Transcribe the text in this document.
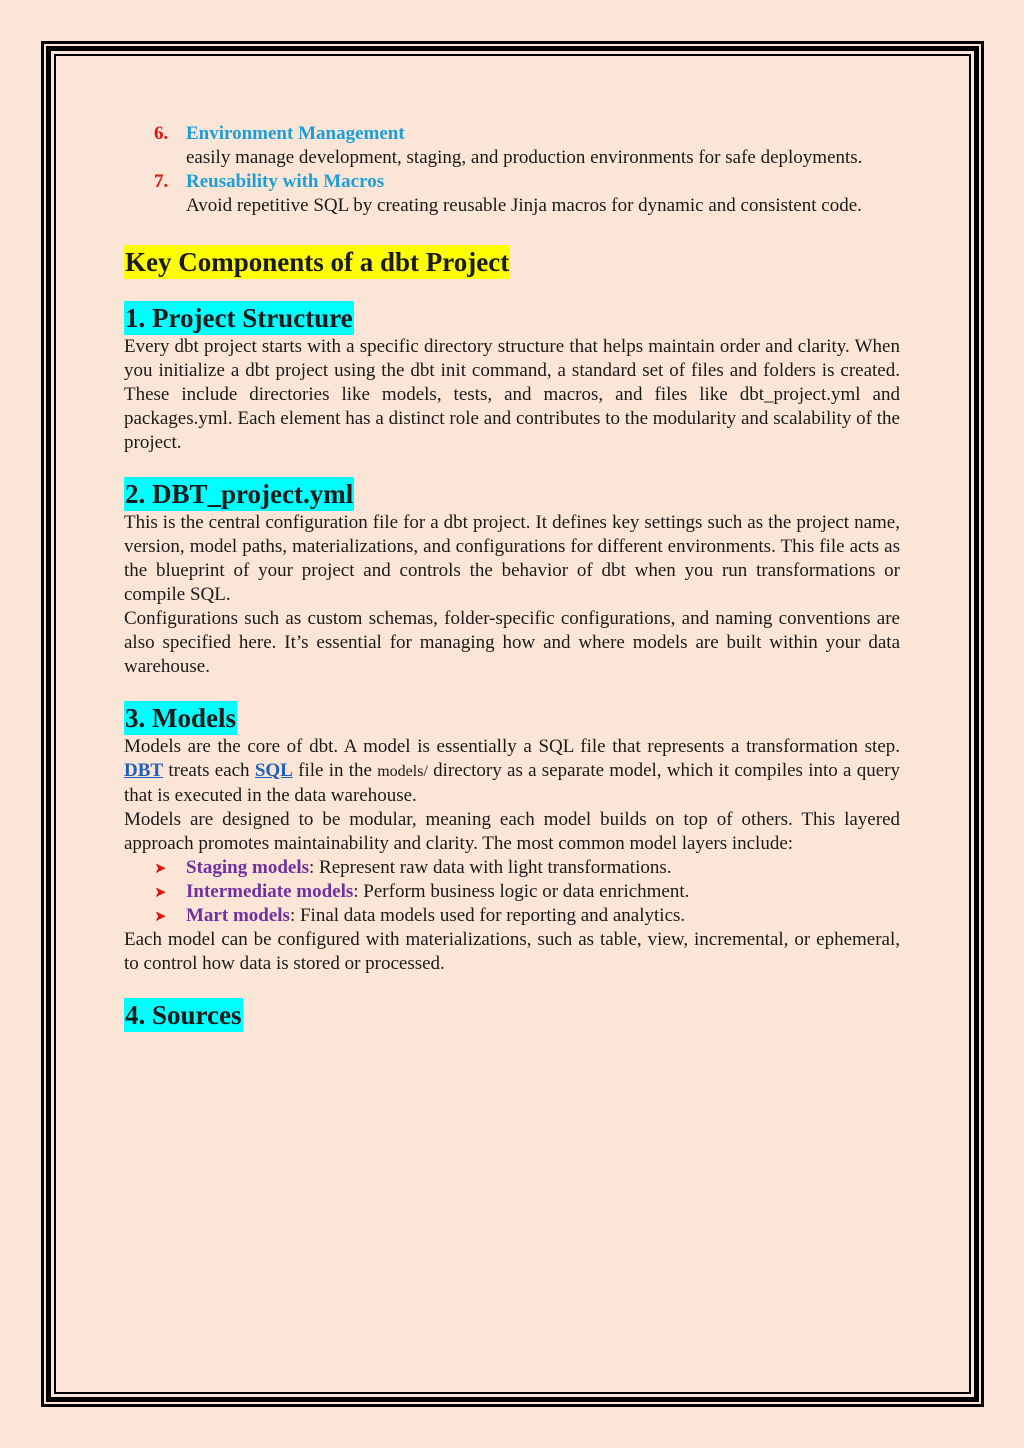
6. Environment Management
easily manage development, staging, and production environments for safe deployments.
7. Reusability with Macros
Avoid repetitive SQL by creating reusable Jinja macros for dynamic and consistent code.
Key Components of a dbt Project
1. Project Structure

Every dbt project starts with a specific directory structure that helps maintain order and clarity. When you initialize a dbt project using the dbt init command, a standard set of files and folders is created. These include directories like models, tests, and macros, and files like dbt_project.yml and packages.yml. Each element has a distinct role and contributes to the modularity and scalability of the project.

2. DBT_project.yml

This is the central configuration file for a dbt project. It defines key settings such as the project name, version, model paths, materializations, and configurations for different environments. This file acts as the blueprint of your project and controls the behavior of dbt when you run transformations or compile SQL.

Configurations such as custom schemas, folder-specific configurations, and naming conventions are also specified here. It’s essential for managing how and where models are built within your data warehouse.

3. Models

Models are the core of dbt. A model is essentially a SQL file that represents a transformation step. DBT treats each SQL file in the models/ directory as a separate model, which it compiles into a query that is executed in the data warehouse.

Models are designed to be modular, meaning each model builds on top of others. This layered approach promotes maintainability and clarity. The most common model layers include:

➤ Staging models: Represent raw data with light transformations.
➤ Intermediate models: Perform business logic or data enrichment.
➤ Mart models: Final data models used for reporting and analytics.

Each model can be configured with materializations, such as table, view, incremental, or ephemeral, to control how data is stored or processed.

4. Sources
